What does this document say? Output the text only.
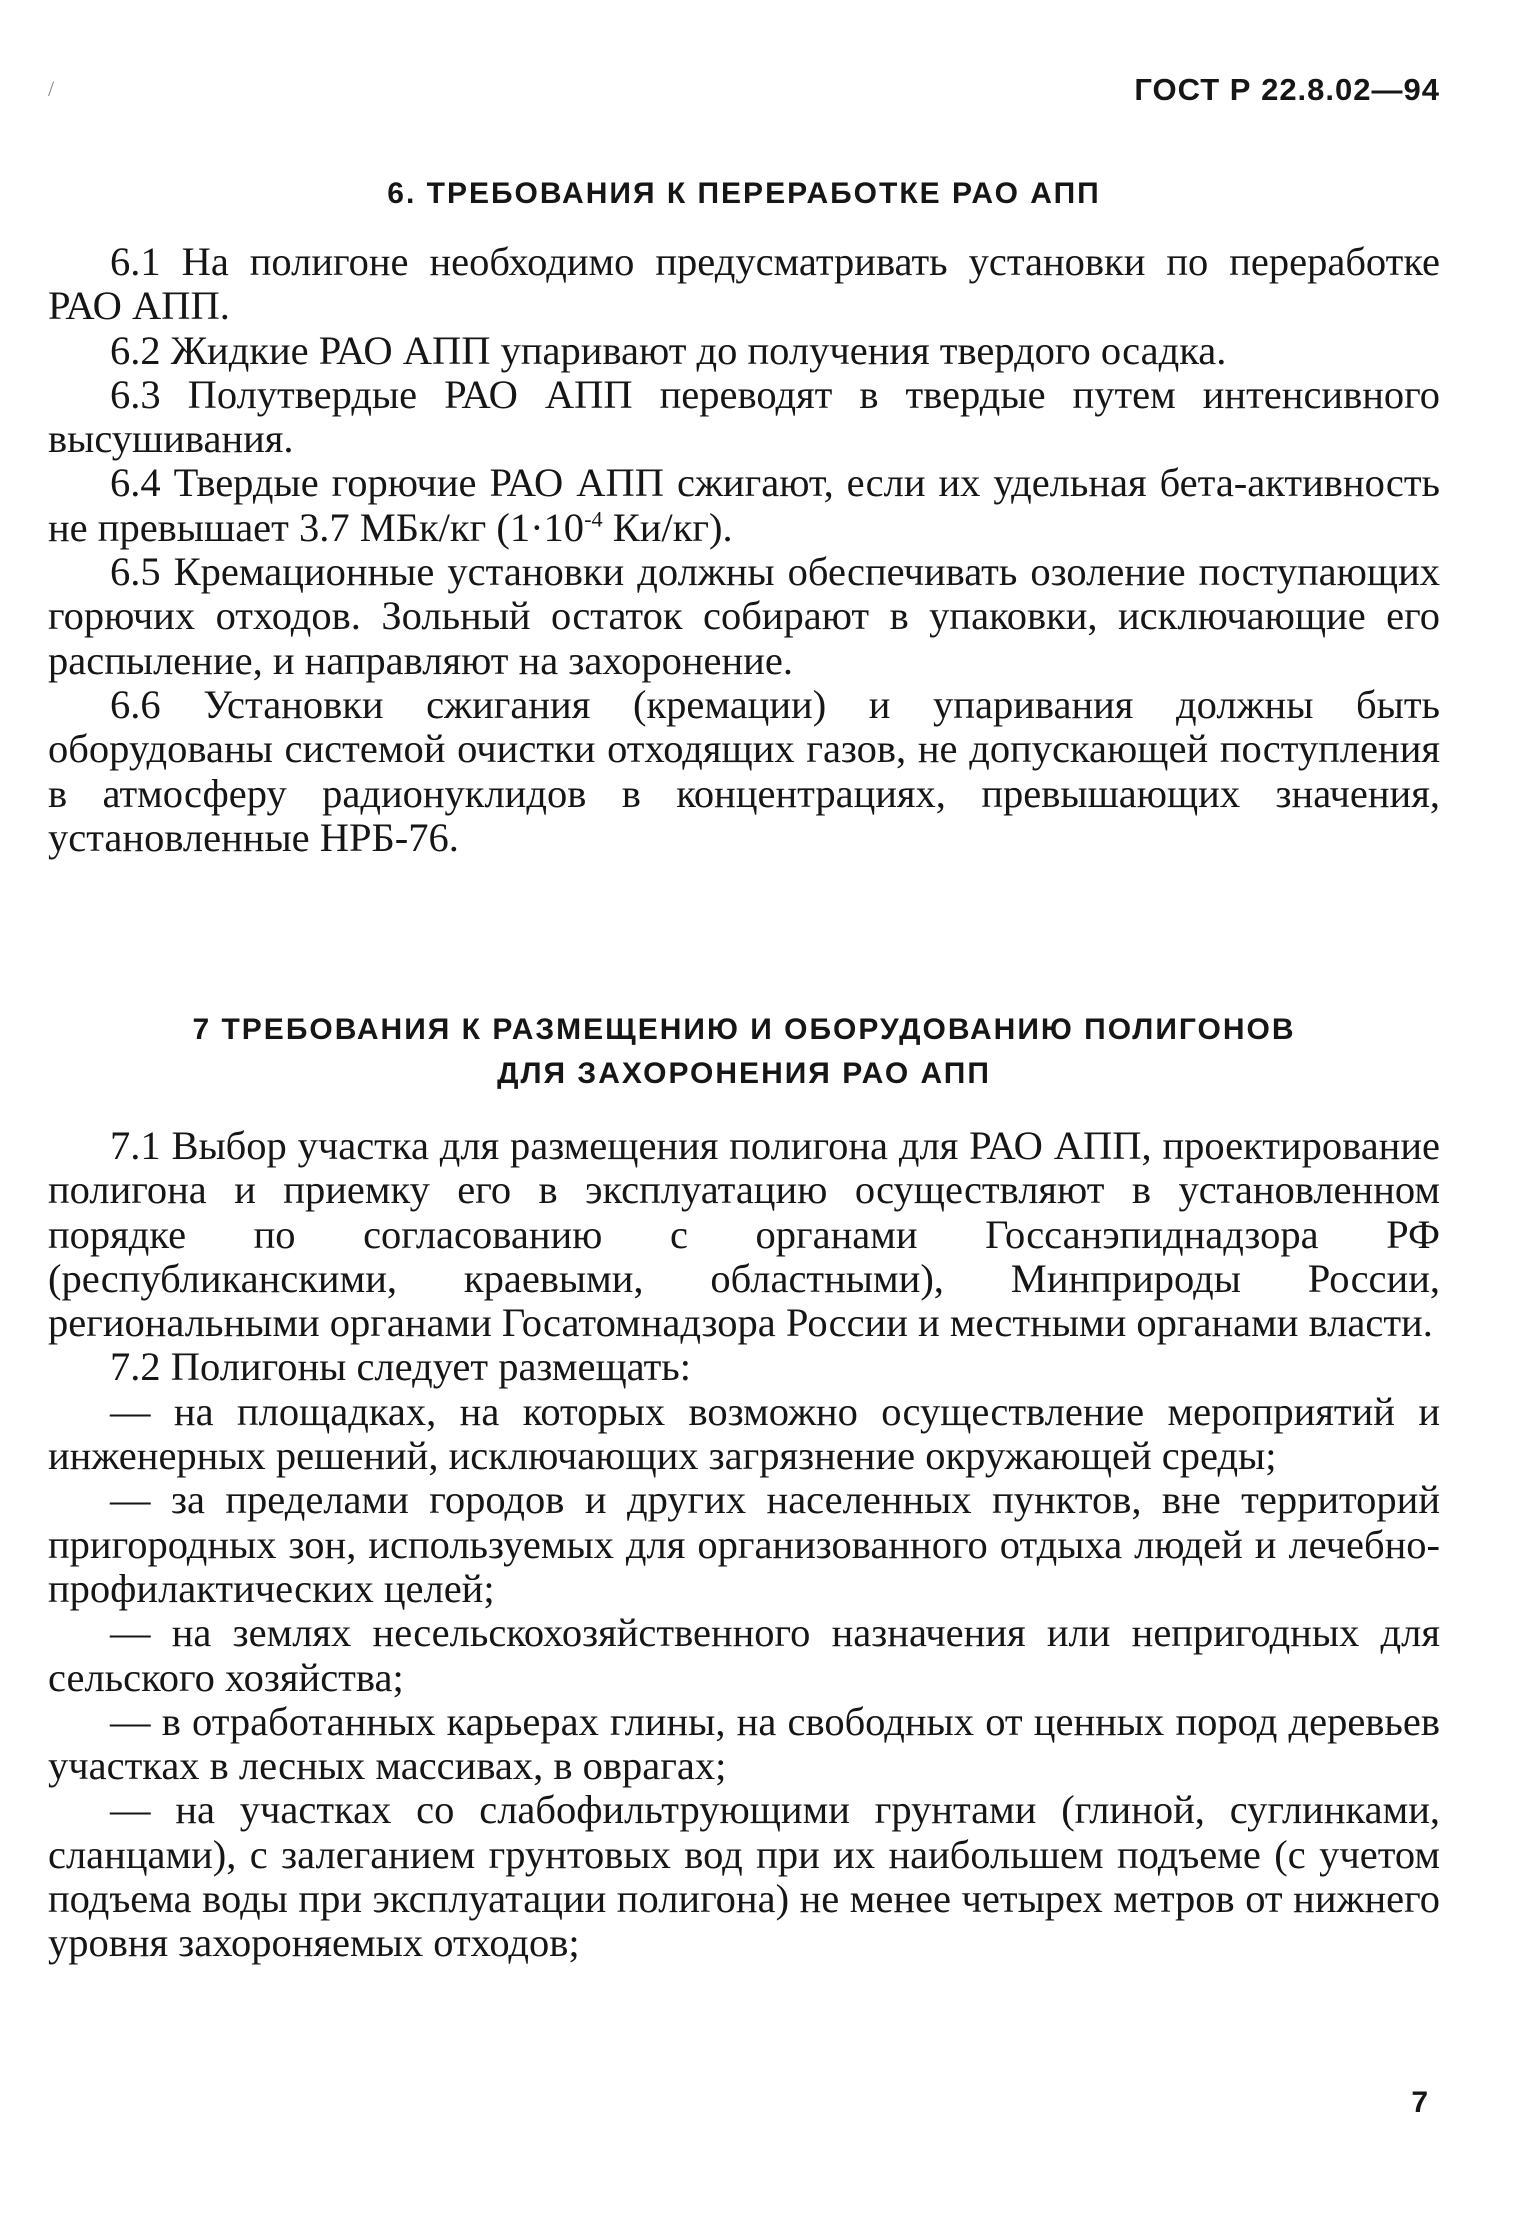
/	ГОСТ Р 22.8.02—94
6. ТРЕБОВАНИЯ К ПЕРЕРАБОТКЕ РАО АПП

6.1 На полигоне необходимо предусматривать установки по переработке РАО АПП.

6.2 Жидкие РАО АПП упаривают до получения твердого осадка.

6.3 Полутвердые РАО АПП переводят в твердые путем интенсивного высушивания.

6.4 Твердые горючие РАО АПП сжигают, если их удельная бета-активность не превышает 3.7 МБк/кг ($1\cdot 10^{-4}$ Ки/кг).

6.5 Кремационные установки должны обеспечивать озоление поступающих горючих отходов. Зольный остаток собирают в упаковки, исключающие его распыление, и направляют на захоронение.

6.6 Установки сжигания (кремации) и упаривания должны быть оборудованы системой очистки отходящих газов, не допускающей поступления в атмосферу радионуклидов в концентрациях, превышающих значения, установленные НРБ-76.

7 ТРЕБОВАНИЯ К РАЗМЕЩЕНИЮ И ОБОРУДОВАНИЮ ПОЛИГОНОВ
ДЛЯ ЗАХОРОНЕНИЯ РАО АПП

7.1 Выбор участка для размещения полигона для РАО АПП, проектирование полигона и приемку его в эксплуатацию осуществляют в установленном порядке по согласованию с органами Госсанэпиднадзора РФ (республиканскими, краевыми, областными), Минприроды России, региональными органами Госатомнадзора России и местными органами власти.

7.2 Полигоны следует размещать:

— на площадках, на которых возможно осуществление мероприятий и инженерных решений, исключающих загрязнение окружающей среды;

— за пределами городов и других населенных пунктов, вне территорий пригородных зон, используемых для организованного отдыха людей и лечебно-профилактических целей;

— на землях несельскохозяйственного назначения или непригодных для сельского хозяйства;

— в отработанных карьерах глины, на свободных от ценных пород деревьев участках в лесных массивах, в оврагах;

— на участках со слабофильтрующими грунтами (глиной, суглинками, сланцами), с залеганием грунтовых вод при их наибольшем подъеме (с учетом подъема воды при эксплуатации полигона) не менее четырех метров от нижнего уровня захороняемых отходов;

7
